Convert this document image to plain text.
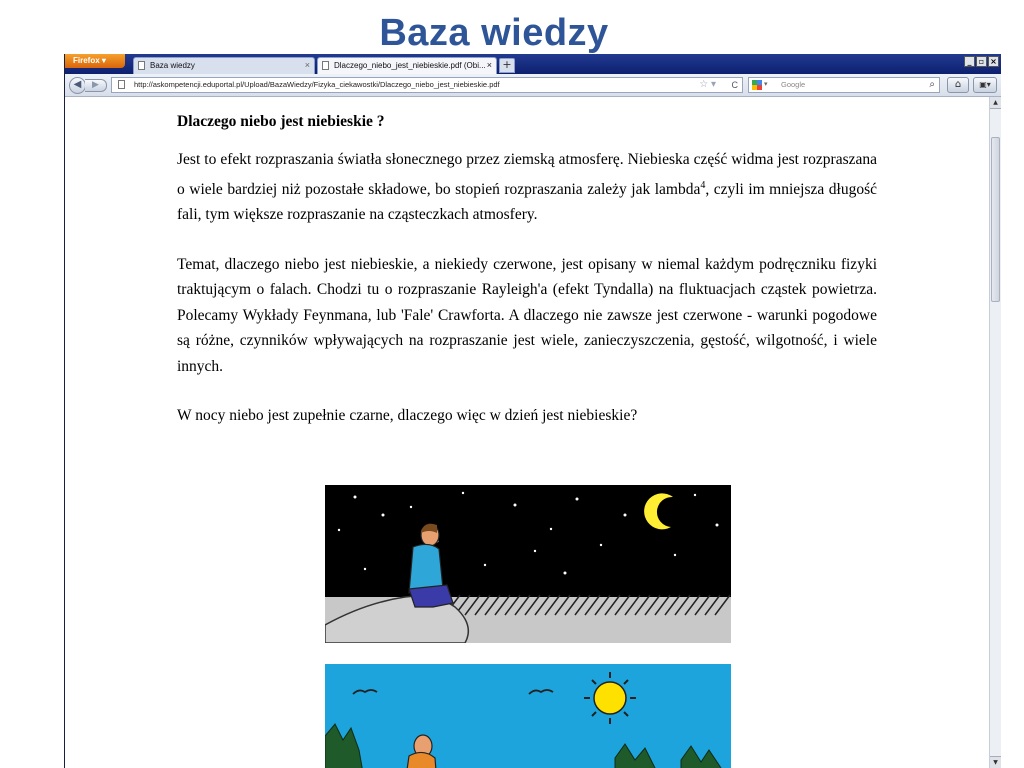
Baza wiedzy
Firefox ▾
Baza wiedzy	×	Dlaczego_niebo_jest_niebieskie.pdf (Obi... × +	_ ▫ ×
◀	▶	http://askompetencji.eduportal.pl/Upload/BazaWiedzy/Fizyka_ciekawostki/Dlaczego_niebo_jest_niebieskie.pdf	☆ ▾ C	▾ Google	⌕	⌂	▣▾
Dlaczego niebo jest niebieskie ?

Jest to efekt rozpraszania światła słonecznego przez ziemską atmosferę. Niebieska część widma jest rozpraszana o wiele bardziej niż pozostałe składowe, bo stopień rozpraszania zależy jak lambda$^4$, czyli im mniejsza długość fali, tym większe rozpraszanie na cząsteczkach atmosfery.

Temat, dlaczego niebo jest niebieskie, a niekiedy czerwone, jest opisany w niemal każdym podręczniku fizyki traktującym o falach. Chodzi tu o rozpraszanie Rayleigh'a (efekt Tyndalla) na fluktuacjach cząstek powietrza. Polecamy Wykłady Feynmana, lub 'Fale' Crawforta. A dlaczego nie zawsze jest czerwone - warunki pogodowe są różne, czynników wpływających na rozpraszanie jest wiele, zanieczyszczenia, gęstość, wilgotność, i wiele innych.

W nocy niebo jest zupełnie czarne, dlaczego więc w dzień jest niebieskie?

▲
▼
